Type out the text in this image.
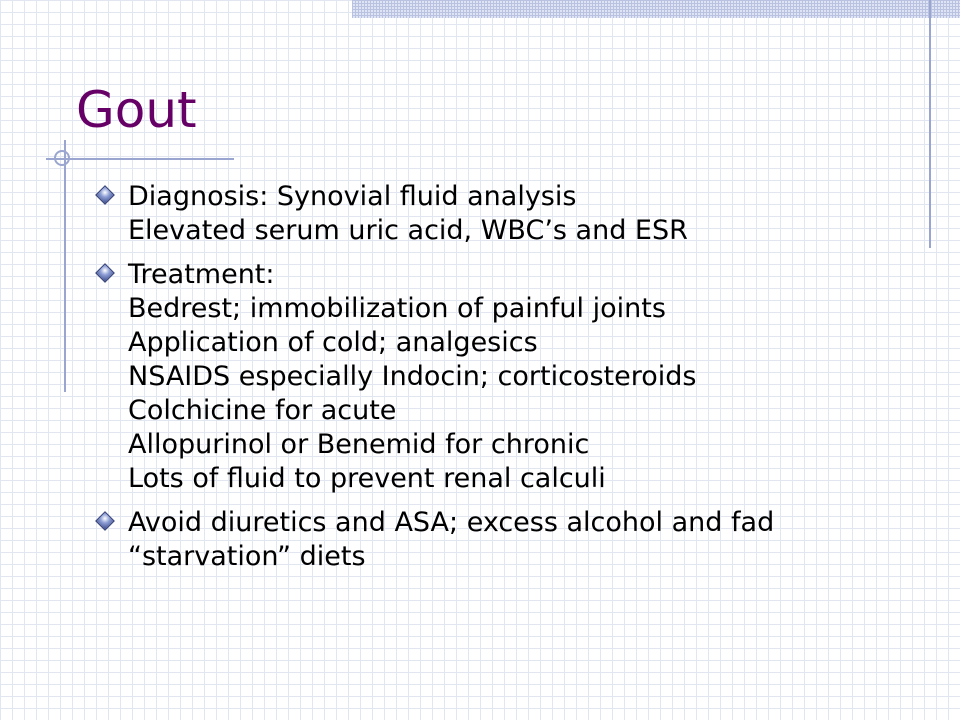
Gout
Diagnosis: Synovial fluid analysis
Elevated serum uric acid, WBC’s and ESR
Treatment:
Bedrest; immobilization of painful joints
Application of cold; analgesics
NSAIDS especially Indocin; corticosteroids
Colchicine for acute
Allopurinol or Benemid for chronic
Lots of fluid to prevent renal calculi
Avoid diuretics and ASA; excess alcohol and fad
“starvation” diets
